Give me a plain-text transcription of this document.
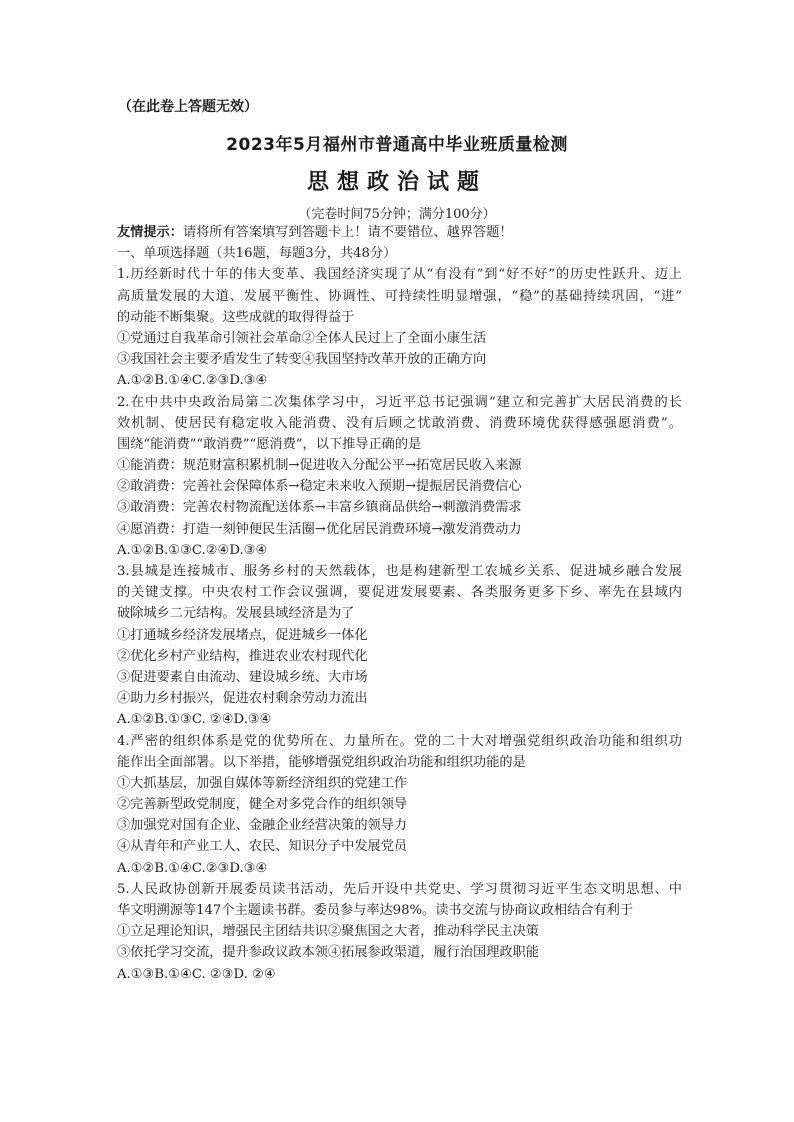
（在此卷上答题无效）
2023年5月福州市普通高中毕业班质量检测
思想政治试题
（完卷时间75分钟；满分100分）
友情提示：请将所有答案填写到答题卡上！请不要错位、越界答题！
一、单项选择题（共16题，每题3分，共48分）
1.历经新时代十年的伟大变革、我国经济实现了从“有没有”到“好不好”的历史性跃升、迈上
高质量发展的大道、发展平衡性、协调性、可持续性明显增强，“稳”的基础持续巩固，“进”
的动能不断集聚。这些成就的取得得益于
①党通过自我革命引领社会革命②全体人民过上了全面小康生活
③我国社会主要矛盾发生了转变④我国坚持改革开放的正确方向
A.①②B.①④C.②③D.③④
2.在中共中央政治局第二次集体学习中，习近平总书记强调“建立和完善扩大居民消费的长
效机制、使居民有稳定收入能消费、没有后顾之忧敢消费、消费环境优获得感强愿消费”。
围绕“能消费”“敢消费”“愿消费”，以下推导正确的是
①能消费：规范财富积累机制→促进收入分配公平→拓宽居民收入来源
②敢消费：完善社会保障体系→稳定未来收入预期→提振居民消费信心
③敢消费：完善农村物流配送体系→丰富乡镇商品供给→刺激消费需求
④愿消费：打造一刻钟便民生活圈→优化居民消费环境→激发消费动力
A.①②B.①③C.②④D.③④
3.县城是连接城市、服务乡村的天然载体，也是构建新型工农城乡关系、促进城乡融合发展
的关键支撑。中央农村工作会议强调，要促进发展要素、各类服务更多下乡、率先在县域内
破除城乡二元结构。发展县域经济是为了
①打通城乡经济发展堵点，促进城乡一体化
②优化乡村产业结构，推进农业农村现代化
③促进要素自由流动、建设城乡统、大市场
④助力乡村振兴，促进农村剩余劳动力流出
A.①②B.①③C. ②④D.③④
4.严密的组织体系是党的优势所在、力量所在。党的二十大对增强党组织政治功能和组织功
能作出全面部署。以下举措，能够增强党组织政治功能和组织功能的是
①大抓基层，加强自媒体等新经济组织的党建工作
②完善新型政党制度，健全对多党合作的组织领导
③加强党对国有企业、金融企业经营决策的领导力
④从青年和产业工人、农民、知识分子中发展党员
A.①②B.①④C.②③D.③④
5.人民政协创新开展委员读书活动，先后开设中共党史、学习贯彻习近平生态文明思想、中
华文明溯源等147个主题读书群。委员参与率达98%。读书交流与协商议政相结合有利于
①立足理论知识，增强民主团结共识②聚焦国之大者，推动科学民主决策
③依托学习交流，提升参政议政本领④拓展参政渠道，履行治国理政职能
A.①③B.①④C. ②③D. ②④
